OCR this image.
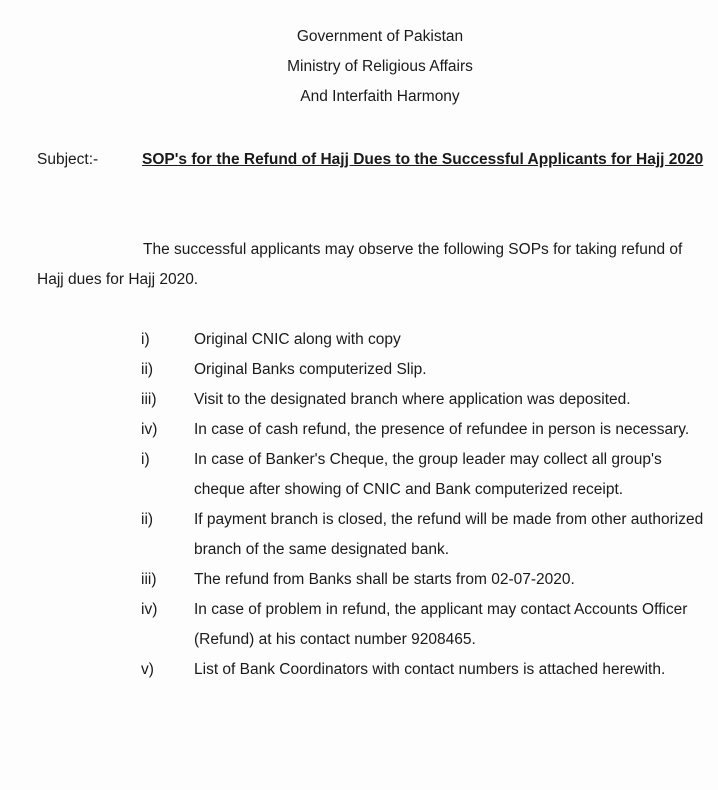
Government of Pakistan
Ministry of Religious Affairs
And Interfaith Harmony
Subject:-	SOP's for the Refund of Hajj Dues to the Successful Applicants for Hajj 2020
The successful applicants may observe the following SOPs for taking refund of Hajj dues for Hajj 2020.
i)	Original CNIC along with copy
ii)	Original Banks computerized Slip.
iii) Visit to the designated branch where application was deposited.
iv) In case of cash refund, the presence of refundee in person is necessary.
i)	In case of Banker's Cheque, the group leader may collect all group's cheque after showing of CNIC and Bank computerized receipt.
ii)	If payment branch is closed, the refund will be made from other authorized branch of the same designated bank.
iii) The refund from Banks shall be starts from 02-07-2020.
iv) In case of problem in refund, the applicant may contact Accounts Officer (Refund) at his contact number 9208465.
v)	List of Bank Coordinators with contact numbers is attached herewith.
